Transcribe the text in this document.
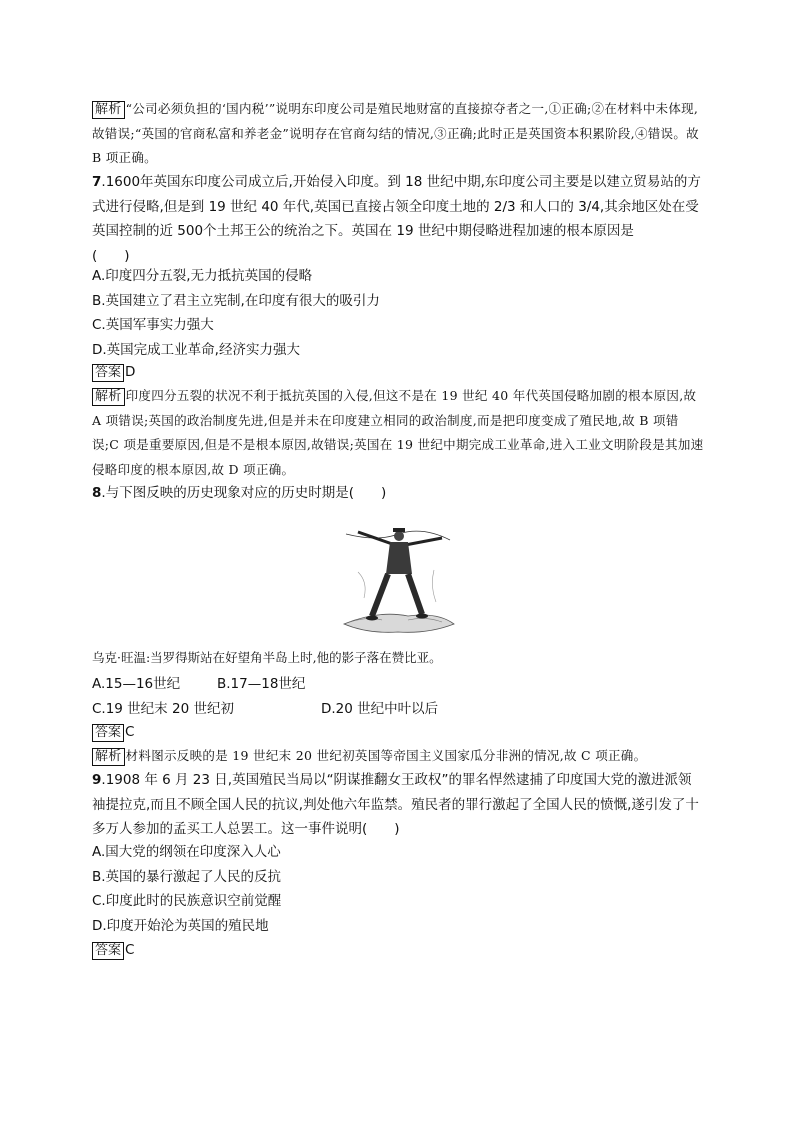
解析 “公司必须负担的‘国内税’”说明东印度公司是殖民地财富的直接掠夺者之一,①正确;②在材料中未体现,故错误;“英国的官商私富和养老金”说明存在官商勾结的情况,③正确;此时正是英国资本积累阶段,④错误。故 B 项正确。
7.1600年英国东印度公司成立后,开始侵入印度。到 18 世纪中期,东印度公司主要是以建立贸易站的方式进行侵略,但是到 19 世纪 40 年代,英国已直接占领全印度土地的 2/3 和人口的 3/4,其余地区处在受英国控制的近 500个土邦王公的统治之下。英国在 19 世纪中期侵略进程加速的根本原因是
(　　)

A.印度四分五裂,无力抵抗英国的侵略

B.英国建立了君主立宪制,在印度有很大的吸引力

C.英国军事实力强大

D.英国完成工业革命,经济实力强大

答案 D
解析 印度四分五裂的状况不利于抵抗英国的入侵,但这不是在 19 世纪 40 年代英国侵略加剧的根本原因,故 A 项错误;英国的政治制度先进,但是并未在印度建立相同的政治制度,而是把印度变成了殖民地,故 B 项错误;C 项是重要原因,但是不是根本原因,故错误;英国在 19 世纪中期完成工业革命,进入工业文明阶段是其加速侵略印度的根本原因,故 D 项正确。
8.与下图反映的历史现象对应的历史时期是(　　)
乌克·旺温:当罗得斯站在好望角半岛上时,他的影子落在赞比亚。
A.15—16世纪	B.17—18世纪
C.19 世纪末 20 世纪初	D.20 世纪中叶以后
答案 C
解析 材料图示反映的是 19 世纪末 20 世纪初英国等帝国主义国家瓜分非洲的情况,故 C 项正确。
9.1908 年 6 月 23 日,英国殖民当局以“阴谋推翻女王政权”的罪名悍然逮捕了印度国大党的激进派领袖提拉克,而且不顾全国人民的抗议,判处他六年监禁。殖民者的罪行激起了全国人民的愤慨,遂引发了十多万人参加的孟买工人总罢工。这一事件说明(　　)

A.国大党的纲领在印度深入人心

B.英国的暴行激起了人民的反抗

C.印度此时的民族意识空前觉醒

D.印度开始沦为英国的殖民地

答案 C
